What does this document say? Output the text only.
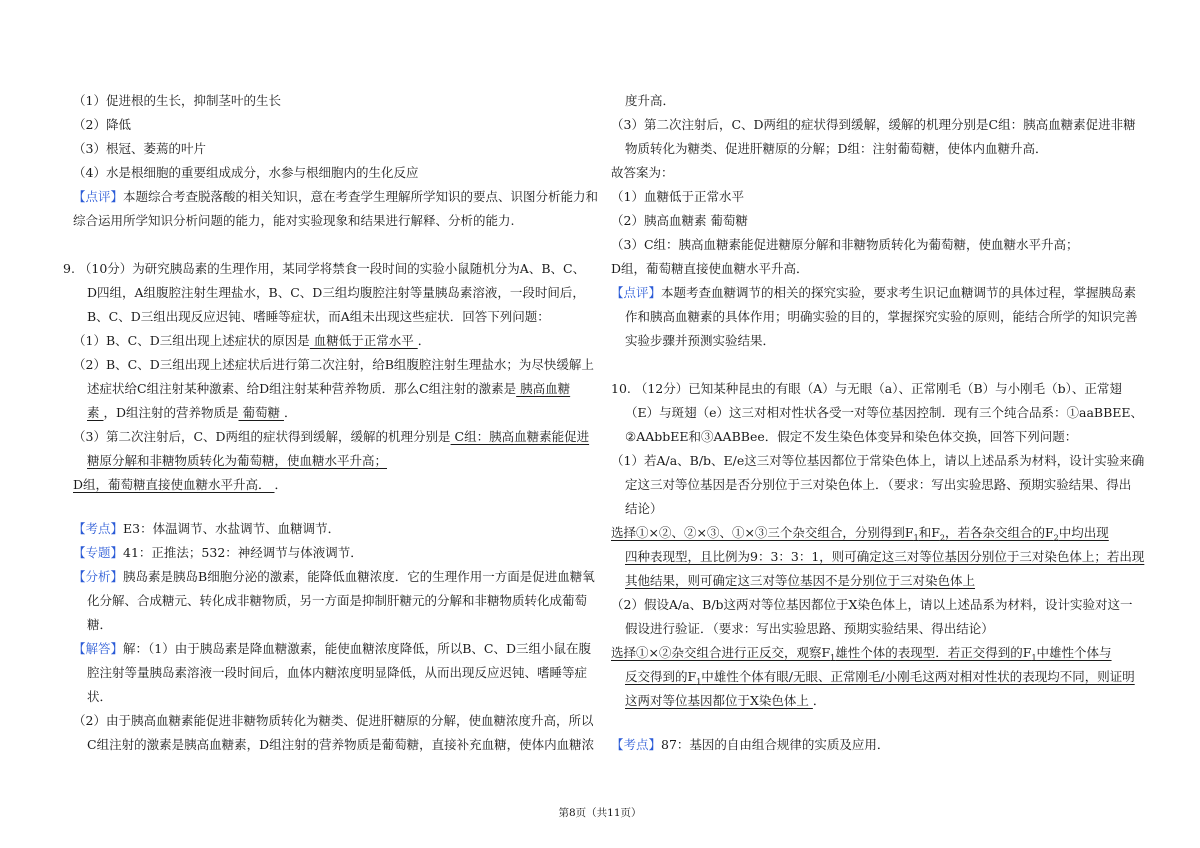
（1）促进根的生长，抑制茎叶的生长
（2）降低
（3）根冠、萎蔫的叶片
（4）水是根细胞的重要组成成分，水参与根细胞内的生化反应
【点评】本题综合考查脱落酸的相关知识，意在考查学生理解所学知识的要点、识图分析能力和
综合运用所学知识分析问题的能力，能对实验现象和结果进行解释、分析的能力.
9. （10分）为研究胰岛素的生理作用，某同学将禁食一段时间的实验小鼠随机分为A、B、C、
D四组，A组腹腔注射生理盐水，B、C、D三组均腹腔注射等量胰岛素溶液，一段时间后，
B、C、D三组出现反应迟钝、嗜睡等症状，而A组未出现这些症状．回答下列问题：
（1）B、C、D三组出现上述症状的原因是 血糖低于正常水平 ．
（2）B、C、D三组出现上述症状后进行第二次注射，给B组腹腔注射生理盐水；为尽快缓解上
述症状给C组注射某种激素、给D组注射某种营养物质．那么C组注射的激素是 胰高血糖
素 ，D组注射的营养物质是 葡萄糖 ．
（3）第二次注射后，C、D两组的症状得到缓解，缓解的机理分别是 C组：胰高血糖素能促进
糖原分解和非糖物质转化为葡萄糖，使血糖水平升高；
D组，葡萄糖直接使血糖水平升高． ．
【考点】E3：体温调节、水盐调节、血糖调节．
【专题】41：正推法；532：神经调节与体液调节．
【分析】胰岛素是胰岛B细胞分泌的激素，能降低血糖浓度．它的生理作用一方面是促进血糖氧
化分解、合成糖元、转化成非糖物质，另一方面是抑制肝糖元的分解和非糖物质转化成葡萄
糖．
【解答】解：（1）由于胰岛素是降血糖激素，能使血糖浓度降低，所以B、C、D三组小鼠在腹
腔注射等量胰岛素溶液一段时间后，血体内糖浓度明显降低，从而出现反应迟钝、嗜睡等症
状．
（2）由于胰高血糖素能促进非糖物质转化为糖类、促进肝糖原的分解，使血糖浓度升高，所以
C组注射的激素是胰高血糖素，D组注射的营养物质是葡萄糖，直接补充血糖，使体内血糖浓
度升高．
（3）第二次注射后，C、D两组的症状得到缓解，缓解的机理分别是C组：胰高血糖素促进非糖
物质转化为糖类、促进肝糖原的分解；D组：注射葡萄糖，使体内血糖升高．
故答案为：
（1）血糖低于正常水平
（2）胰高血糖素 葡萄糖
（3）C组：胰高血糖素能促进糖原分解和非糖物质转化为葡萄糖，使血糖水平升高；
D组，葡萄糖直接使血糖水平升高．
【点评】本题考查血糖调节的相关的探究实验，要求考生识记血糖调节的具体过程，掌握胰岛素
作和胰高血糖素的具体作用；明确实验的目的，掌握探究实验的原则，能结合所学的知识完善
实验步骤并预测实验结果．
10. （12分）已知某种昆虫的有眼（A）与无眼（a）、正常刚毛（B）与小刚毛（b）、正常翅
（E）与斑翅（e）这三对相对性状各受一对等位基因控制．现有三个纯合品系：①aaBBEE、
②AAbbEE和③AABBee．假定不发生染色体变异和染色体交换，回答下列问题：
（1）若A/a、B/b、E/e这三对等位基因都位于常染色体上，请以上述品系为材料，设计实验来确
定这三对等位基因是否分别位于三对染色体上．（要求：写出实验思路、预期实验结果、得出
结论）
选择①×②、②×③、①×③三个杂交组合，分别得到$F_1$和$F_2$，若各杂交组合的$F_2$中均出现
四种表现型，且比例为9：3：3：1，则可确定这三对等位基因分别位于三对染色体上；若出现
其他结果，则可确定这三对等位基因不是分别位于三对染色体上
（2）假设A/a、B/b这两对等位基因都位于X染色体上，请以上述品系为材料，设计实验对这一
假设进行验证．（要求：写出实验思路、预期实验结果、得出结论）
选择①×②杂交组合进行正反交，观察$F_1$雄性个体的表现型．若正交得到的$F_1$中雄性个体与
反交得到的$F_1$中雄性个体有眼/无眼、正常刚毛/小刚毛这两对相对性状的表现均不同，则证明
这两对等位基因都位于X染色体上 ．
【考点】87：基因的自由组合规律的实质及应用．
第8页（共11页）
